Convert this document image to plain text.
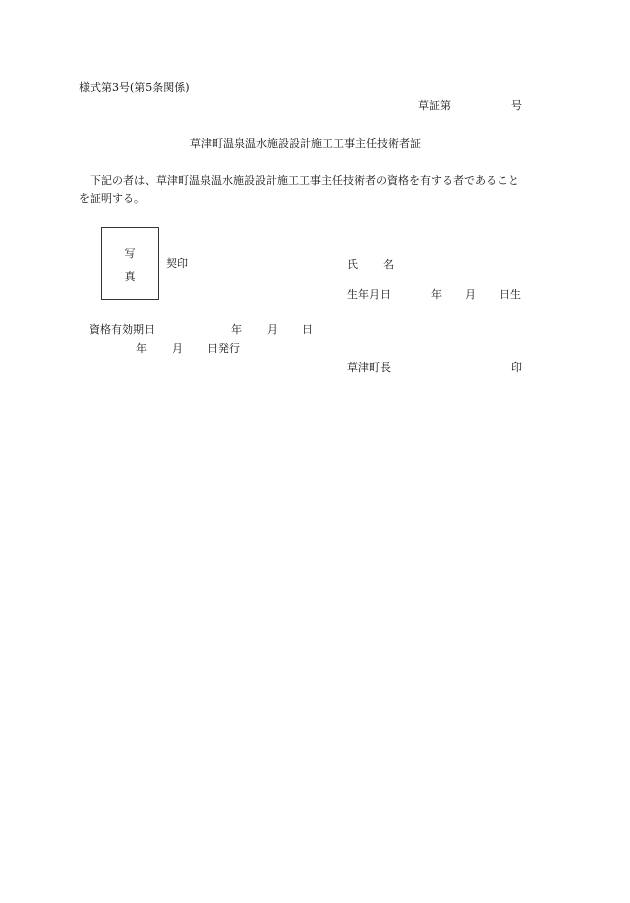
様式第3号(第5条関係)
草証第	号
草津町温泉温水施設設計施工工事主任技術者証
下記の者は、草津町温泉温水施設設計施工工事主任技術者の資格を有する者であること
を証明する。
写
真
契印	氏 名
生年月日	年 月 日生
資格有効期日	年 月 日
年 月 日発行
草津町長	印
